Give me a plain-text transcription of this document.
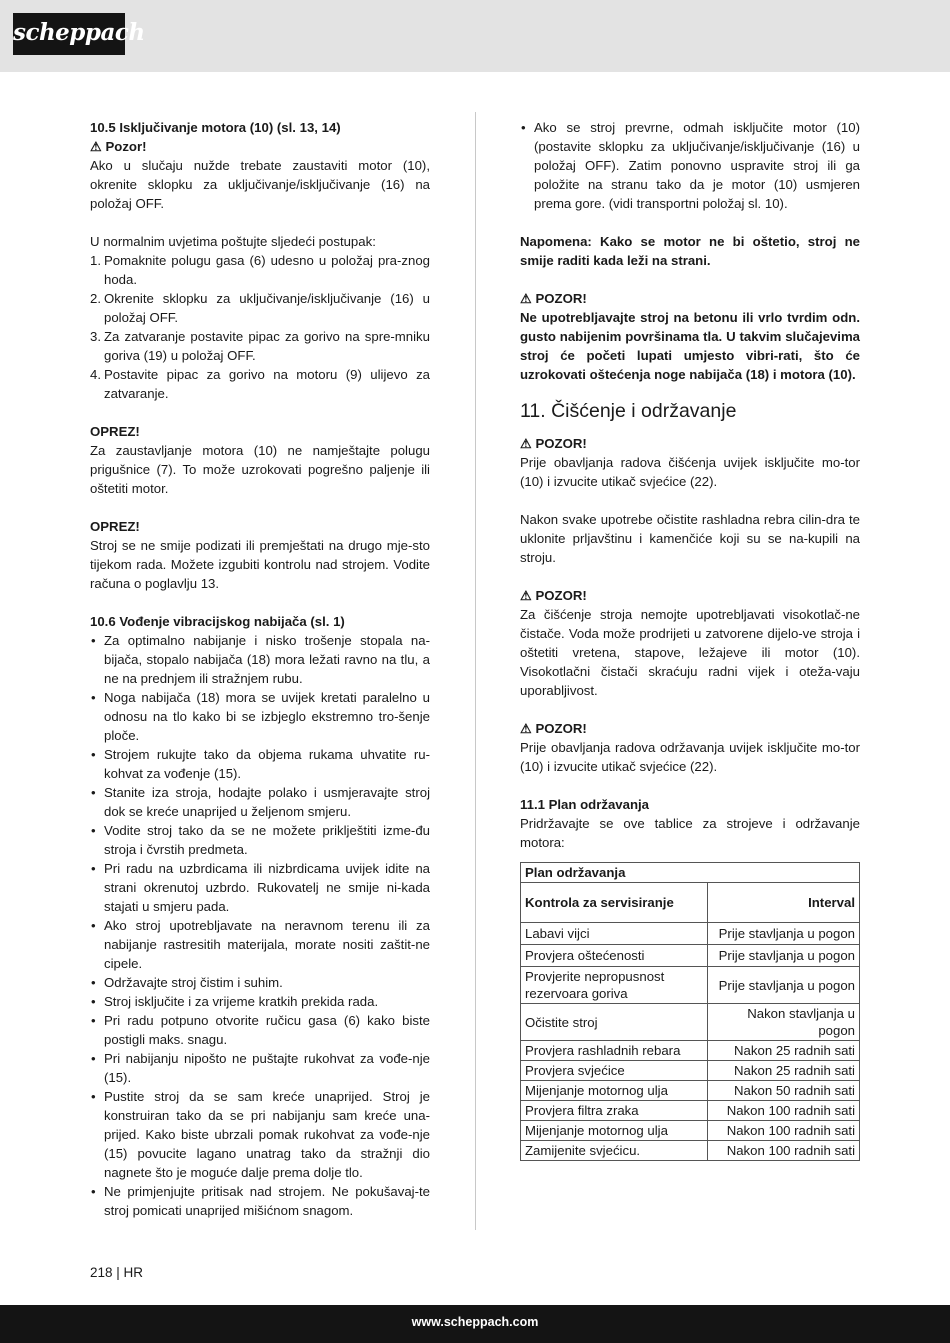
scheppach

10.5 Isključivanje motora (10) (sl. 13, 14)

⚠ Pozor!

Ako u slučaju nužde trebate zaustaviti motor (10), okrenite sklopku za uključivanje/isključivanje (16) na položaj OFF.

U normalnim uvjetima poštujte sljedeći postupak:

1. Pomaknite polugu gasa (6) udesno u položaj pra-znog hoda.
2. Okrenite sklopku za uključivanje/isključivanje (16) u položaj OFF.
3. Za zatvaranje postavite pipac za gorivo na spre-mniku goriva (19) u položaj OFF.
4. Postavite pipac za gorivo na motoru (9) ulijevo za zatvaranje.

OPREZ!

Za zaustavljanje motora (10) ne namještajte polugu prigušnice (7). To može uzrokovati pogrešno paljenje ili oštetiti motor.

OPREZ!

Stroj se ne smije podizati ili premještati na drugo mje-sto tijekom rada. Možete izgubiti kontrolu nad strojem. Vodite računa o poglavlju 13.

10.6 Vođenje vibracijskog nabijača (sl. 1)

• Za optimalno nabijanje i nisko trošenje stopala na-bijača, stopalo nabijača (18) mora ležati ravno na tlu, a ne na prednjem ili stražnjem rubu.
• Noga nabijača (18) mora se uvijek kretati paralelno u odnosu na tlo kako bi se izbjeglo ekstremno tro-šenje ploče.
• Strojem rukujte tako da objema rukama uhvatite ru-kohvat za vođenje (15).
• Stanite iza stroja, hodajte polako i usmjeravajte stroj dok se kreće unaprijed u željenom smjeru.
• Vodite stroj tako da se ne možete priklještiti izme-đu stroja i čvrstih predmeta.
• Pri radu na uzbrdicama ili nizbrdicama uvijek idite na strani okrenutoj uzbrdo. Rukovatelj ne smije ni-kada stajati u smjeru pada.
• Ako stroj upotrebljavate na neravnom terenu ili za nabijanje rastresitih materijala, morate nositi zaštit-ne cipele.
• Održavajte stroj čistim i suhim.
• Stroj isključite i za vrijeme kratkih prekida rada.
• Pri radu potpuno otvorite ručicu gasa (6) kako biste postigli maks. snagu.
• Pri nabijanju nipošto ne puštajte rukohvat za vođe-nje (15).
• Pustite stroj da se sam kreće unaprijed. Stroj je konstruiran tako da se pri nabijanju sam kreće una-prijed. Kako biste ubrzali pomak rukohvat za vođe-nje (15) povucite lagano unatrag tako da stražnji dio nagnete što je moguće dalje prema dolje tlo.
• Ne primjenjujte pritisak nad strojem. Ne pokušavaj-te stroj pomicati unaprijed mišićnom snagom.
• Ako se stroj prevrne, odmah isključite motor (10) (postavite sklopku za uključivanje/isključivanje (16) u položaj OFF). Zatim ponovno uspravite stroj ili ga položite na stranu tako da je motor (10) usmjeren prema gore. (vidi transportni položaj sl. 10).

Napomena: Kako se motor ne bi oštetio, stroj ne smije raditi kada leži na strani.

⚠ POZOR!

Ne upotrebljavajte stroj na betonu ili vrlo tvrdim odn. gusto nabijenim površinama tla. U takvim slučajevima stroj će početi lupati umjesto vibri-rati, što će uzrokovati oštećenja noge nabijača (18) i motora (10).

11. Čišćenje i održavanje

⚠ POZOR!

Prije obavljanja radova čišćenja uvijek isključite mo-tor (10) i izvucite utikač svjećice (22).

Nakon svake upotrebe očistite rashladna rebra cilin-dra te uklonite prljavštinu i kamenčiće koji su se na-kupili na stroju.

⚠ POZOR!

Za čišćenje stroja nemojte upotrebljavati visokotlač-ne čistače. Voda može prodrijeti u zatvorene dijelo-ve stroja i oštetiti vretena, stapove, ležajeve ili motor (10). Visokotlačni čistači skraćuju radni vijek i oteža-vaju uporabljivost.

⚠ POZOR!

Prije obavljanja radova održavanja uvijek isključite mo-tor (10) i izvucite utikač svjećice (22).

11.1 Plan održavanja

Pridržavajte se ove tablice za strojeve i održavanje motora:

Plan održavanja	
Kontrola za servisiranje	Interval
Labavi vijci	Prije stavljanja u pogon
Provjera oštećenosti	Prije stavljanja u pogon
Provjerite nepropusnost rezervoara goriva	Prije stavljanja u pogon
Očistite stroj	Nakon stavljanja u pogon
Provjera rashladnih rebara	Nakon 25 radnih sati
Provjera svjećice	Nakon 25 radnih sati
Mijenjanje motornog ulja	Nakon 50 radnih sati
Provjera filtra zraka	Nakon 100 radnih sati
Mijenjanje motornog ulja	Nakon 100 radnih sati
Zamijenite svjećicu.	Nakon 100 radnih sati
218 | HR
www.scheppach.com
